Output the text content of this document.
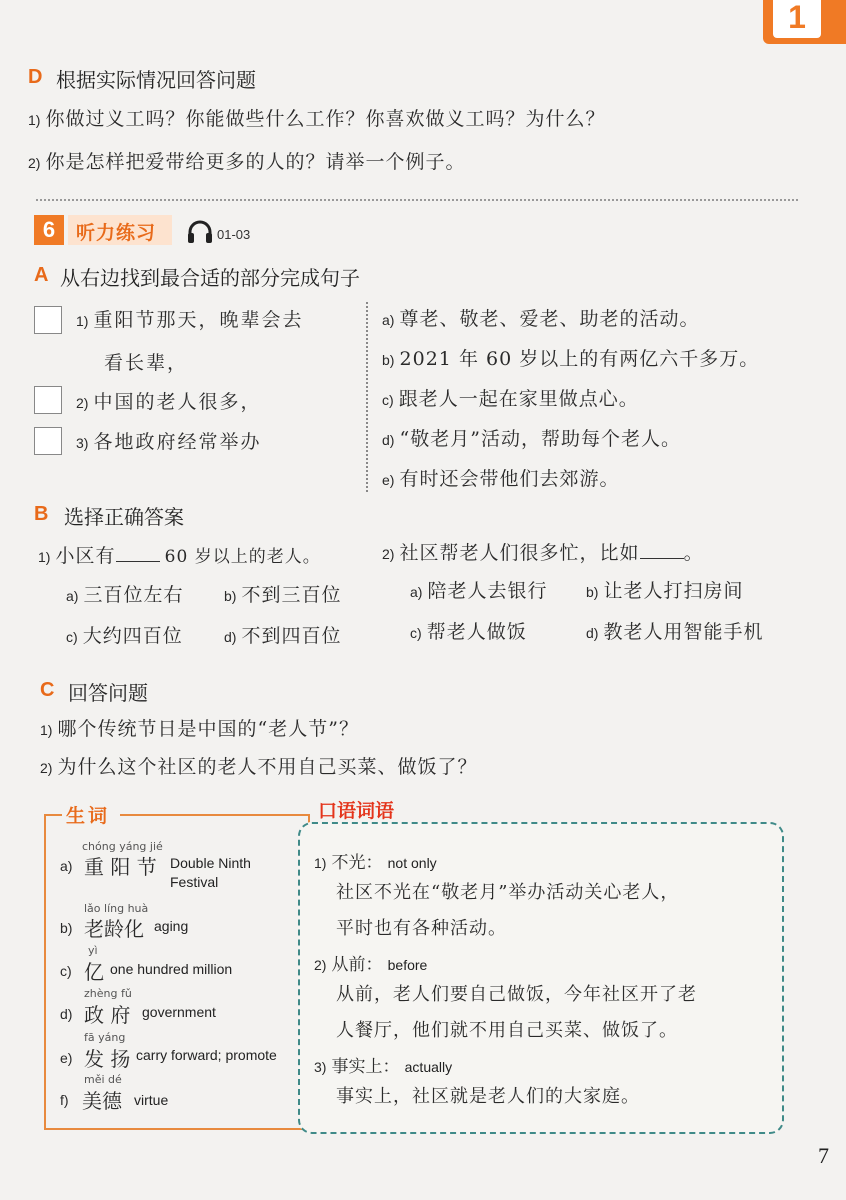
1
D 根据实际情况回答问题
1) 你做过义工吗？你能做些什么工作？你喜欢做义工吗？为什么？
2) 你是怎样把爱带给更多的人的？请举一个例子。
6	听力练习	01-03
A 从右边找到最合适的部分完成句子
1) 重阳节那天，晚辈会去
看长辈，
2) 中国的老人很多，
3) 各地政府经常举办
a) 尊老、敬老、爱老、助老的活动。
b) 2021 年 60 岁以上的有两亿六千多万。
c) 跟老人一起在家里做点心。
d) “敬老月”活动，帮助每个老人。
e) 有时还会带他们去郊游。
B 选择正确答案
1) 小区有	60 岁以上的老人。	2) 社区帮老人们很多忙，比如 。
a) 三百位左右	b) 不到三百位
c) 大约四百位	d) 不到四百位
a) 陪老人去银行	b) 让老人打扫房间
c) 帮老人做饭	d) 教老人用智能手机
C 回答问题
1) 哪个传统节日是中国的“老人节”？
2) 为什么这个社区的老人不用自己买菜、做饭了？
生词
chóng yáng jié
a) 重 阳 节 Double Ninth
Festival
lǎo líng huà
b) 老龄化 aging
yì
c) 亿 one hundred million
zhèng fǔ
d) 政 府 government
fā yáng
e) 发 扬 carry forward; promote
měi dé
f) 美德 virtue
口语词语
1) 不光： not only
社区不光在“敬老月”举办活动关心老人，
平时也有各种活动。
2) 从前： before
从前，老人们要自己做饭，今年社区开了老
人餐厅，他们就不用自己买菜、做饭了。
3) 事实上： actually
事实上，社区就是老人们的大家庭。
7
